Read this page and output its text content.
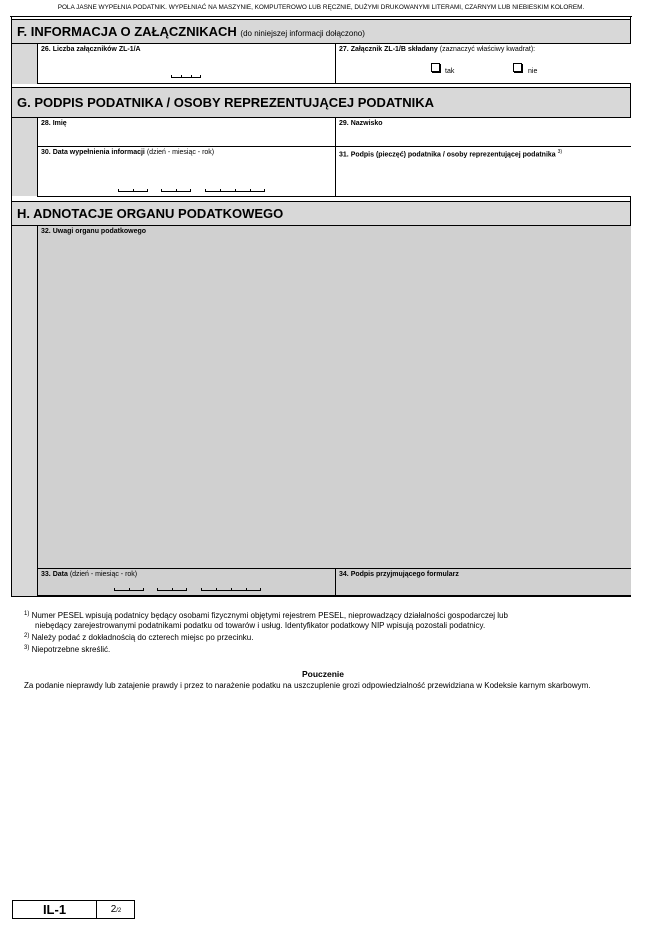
POLA JASNE WYPEŁNIA PODATNIK. WYPEŁNIAĆ NA MASZYNIE, KOMPUTEROWO LUB RĘCZNIE, DUŻYMI DRUKOWANYMI LITERAMI, CZARNYM LUB NIEBIESKIM KOLOREM.
F. INFORMACJA O ZAŁĄCZNIKACH (do niniejszej informacji dołączono)
26. Liczba załączników ZL-1/A	27. Załącznik ZL-1/B składany (zaznaczyć właściwy kwadrat):
tak	nie
G. PODPIS PODATNIKA / OSOBY REPREZENTUJĄCEJ PODATNIKA
28. Imię	29. Nazwisko
30. Data wypełnienia informacji (dzień - miesiąc - rok)	31. Podpis (pieczęć) podatnika / osoby reprezentującej podatnika $^{3)}$
H. ADNOTACJE ORGANU PODATKOWEGO
32. Uwagi organu podatkowego
33. Data (dzień - miesiąc - rok)	34. Podpis przyjmującego formularz
$^{1)}$ Numer PESEL wpisują podatnicy będący osobami fizycznymi objętymi rejestrem PESEL, nieprowadzący działalności gospodarczej lub
niebędący zarejestrowanymi podatnikami podatku od towarów i usług. Identyfikator podatkowy NIP wpisują pozostali podatnicy.
$^{2)}$ Należy podać z dokładnością do czterech miejsc po przecinku.
$^{3)}$ Niepotrzebne skreślić.
Pouczenie
Za podanie nieprawdy lub zatajenie prawdy i przez to narażenie podatku na uszczuplenie grozi odpowiedzialność przewidziana w Kodeksie karnym skarbowym.
IL-1	2/2
